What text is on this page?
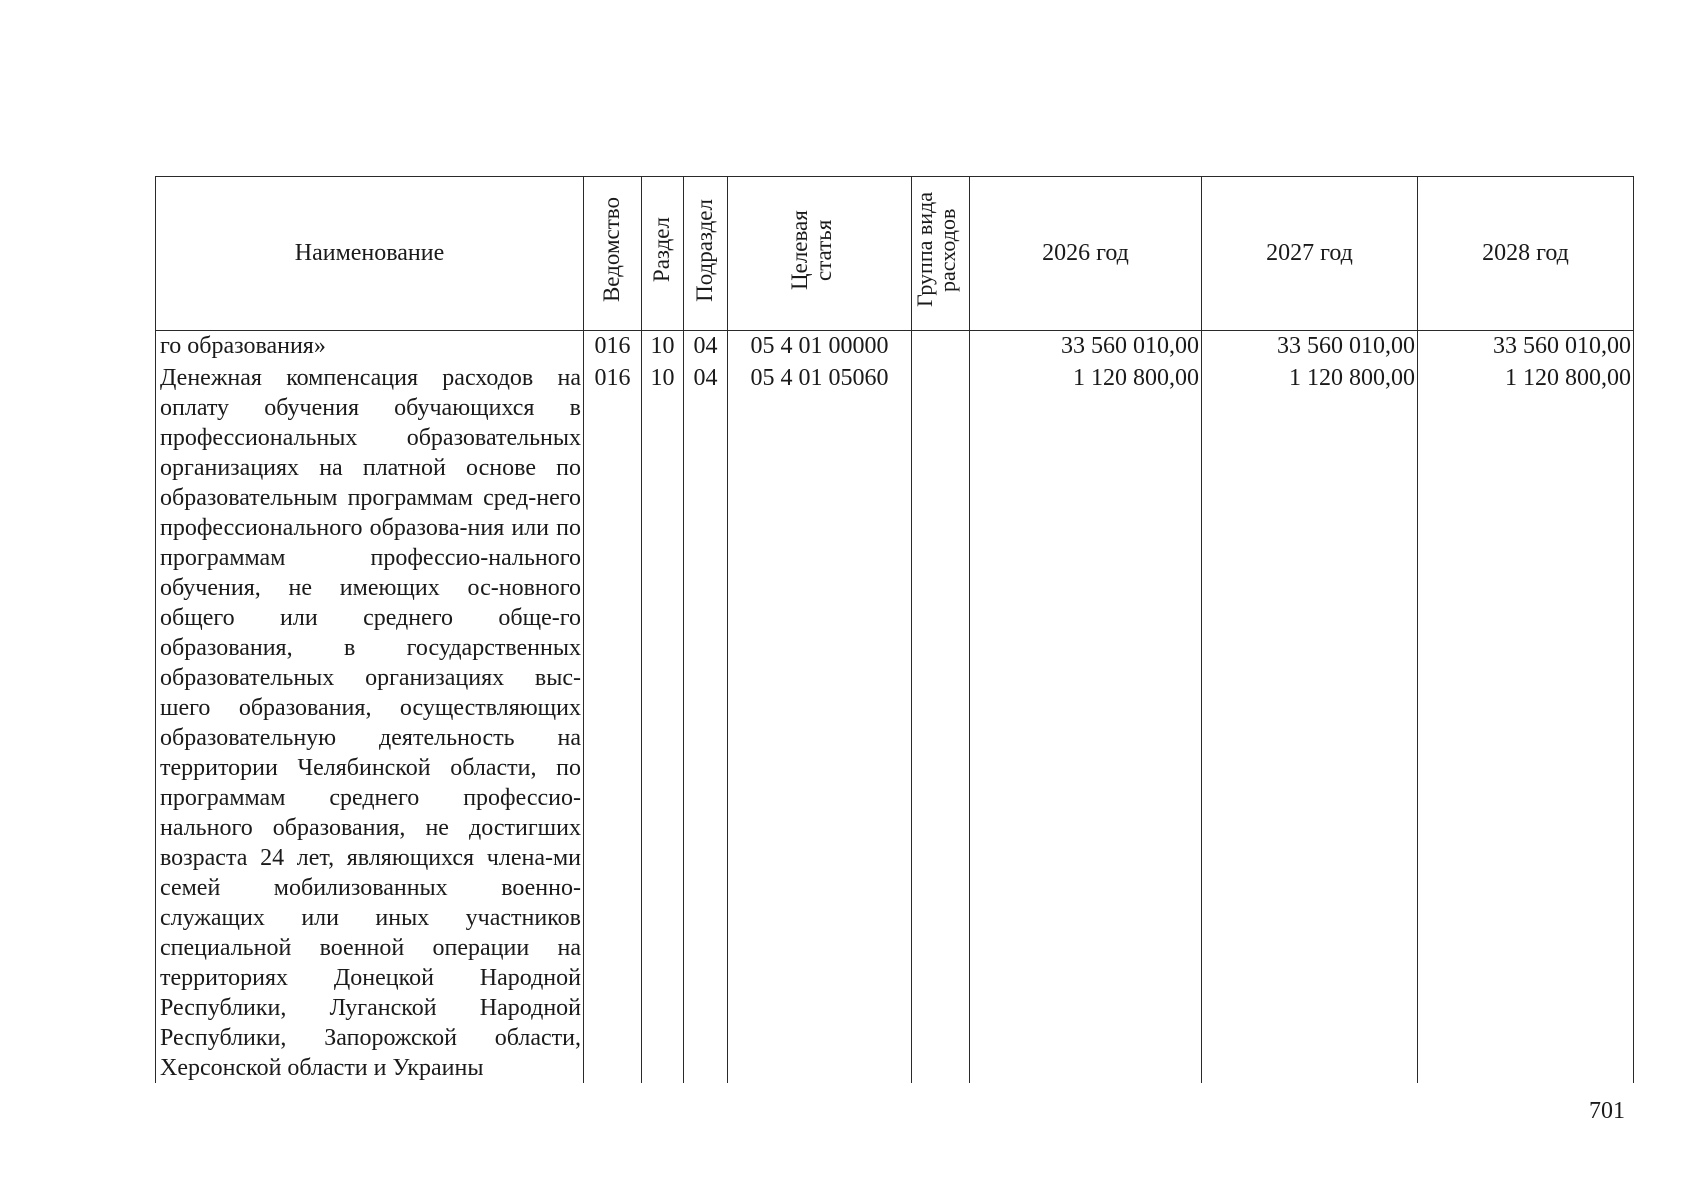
Наименование	Ведомство	Раздел	Подраздел	Целевая статья	Группа вида расходов	2026 год	2027 год	2028 год

го образования»	016	10	04	05 4 01 00000		33 560 010,00	33 560 010,00	33 560 010,00

Денежная компенсация расходов на оплату обучения обучающихся в профессиональных образовательных организациях на платной основе по образовательным программам сред-него профессионального образова-ния или по программам профессио-нального обучения, не имеющих ос-новного общего или среднего обще-го образования, в государственных образовательных организациях выс-шего образования, осуществляющих образовательную деятельность на территории Челябинской области, по программам среднего профессио-нального образования, не достигших возраста 24 лет, являющихся члена-ми семей мобилизованных военно-служащих или иных участников специальной военной операции на территориях Донецкой Народной Республики, Луганской Народной Республики, Запорожской области, Херсонской области и Украины	016	10	04	05 4 01 05060		1 120 800,00	1 120 800,00	1 120 800,00
701
